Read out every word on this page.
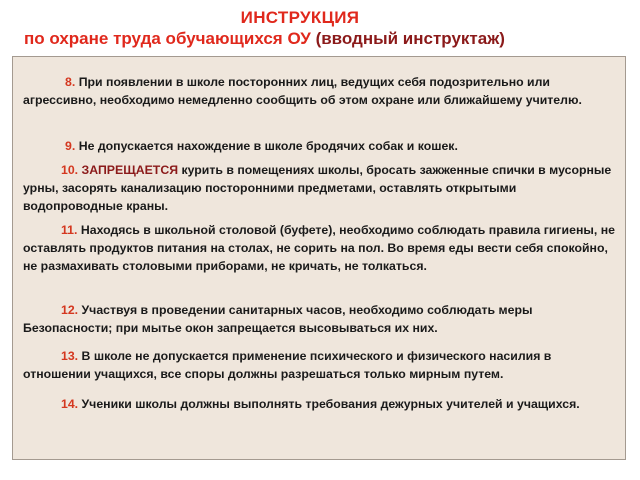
ИНСТРУКЦИЯ
по охране труда обучающихся ОУ (вводный инструктаж)
8. При появлении в школе посторонних лиц, ведущих себя подозрительно или агрессивно, необходимо немедленно сообщить об этом охране или ближайшему учителю.
9. Не допускается нахождение в школе бродячих собак и кошек.
10. ЗАПРЕЩАЕТСЯ курить в помещениях школы, бросать зажженные спички в мусорные урны, засорять канализацию посторонними предметами, оставлять открытыми водопроводные краны.
11. Находясь в школьной столовой (буфете), необходимо соблюдать правила гигиены, не оставлять продуктов питания на столах, не сорить на пол. Во время еды вести себя спокойно, не размахивать столовыми приборами, не кричать, не толкаться.
12. Участвуя в проведении санитарных часов, необходимо соблюдать меры Безопасности; при мытье окон запрещается высовываться их них.
13. В школе не допускается применение психического и физического насилия в отношении учащихся, все споры должны разрешаться только мирным путем.
14. Ученики школы должны выполнять требования дежурных учителей и учащихся.
